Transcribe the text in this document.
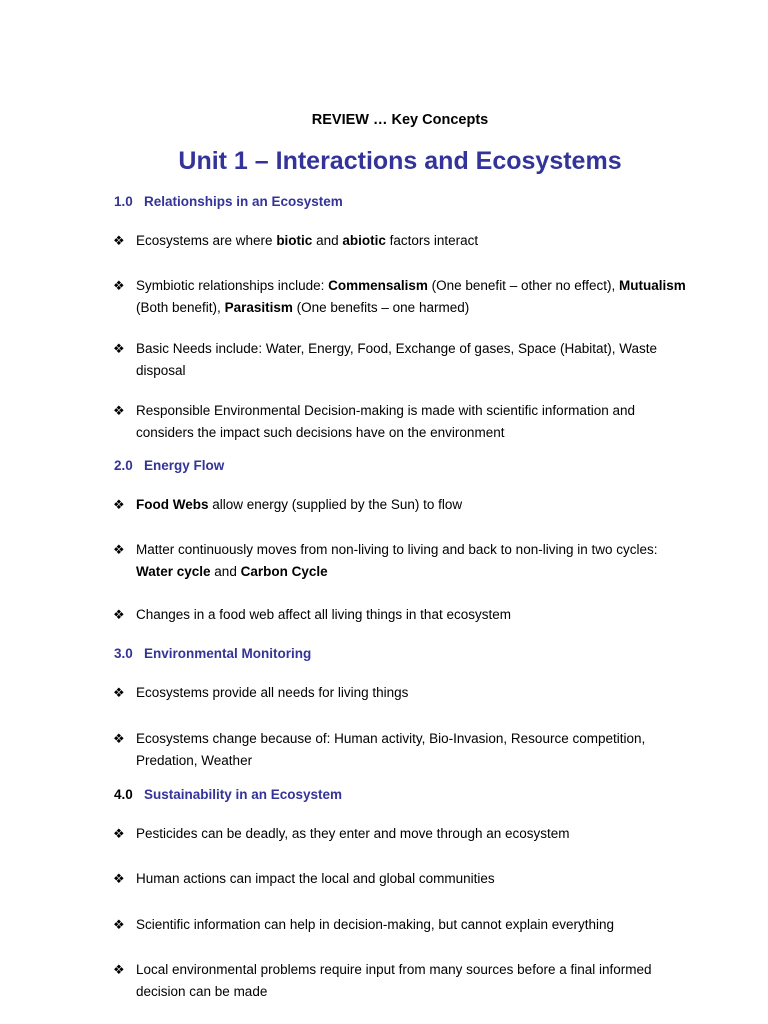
REVIEW … Key Concepts
Unit 1 – Interactions and Ecosystems
1.0 Relationships in an Ecosystem
❖ Ecosystems are where biotic and abiotic factors interact
❖ Symbiotic relationships include: Commensalism (One benefit – other no effect), Mutualism (Both benefit), Parasitism (One benefits – one harmed)
❖ Basic Needs include: Water, Energy, Food, Exchange of gases, Space (Habitat), Waste disposal
❖ Responsible Environmental Decision-making is made with scientific information and considers the impact such decisions have on the environment
2.0 Energy Flow
❖ Food Webs allow energy (supplied by the Sun) to flow
❖ Matter continuously moves from non-living to living and back to non-living in two cycles: Water cycle and Carbon Cycle
❖ Changes in a food web affect all living things in that ecosystem
3.0 Environmental Monitoring
❖ Ecosystems provide all needs for living things
❖ Ecosystems change because of: Human activity, Bio-Invasion, Resource competition, Predation, Weather
4.0 Sustainability in an Ecosystem
❖ Pesticides can be deadly, as they enter and move through an ecosystem
❖ Human actions can impact the local and global communities
❖ Scientific information can help in decision-making, but cannot explain everything
❖ Local environmental problems require input from many sources before a final informed decision can be made
